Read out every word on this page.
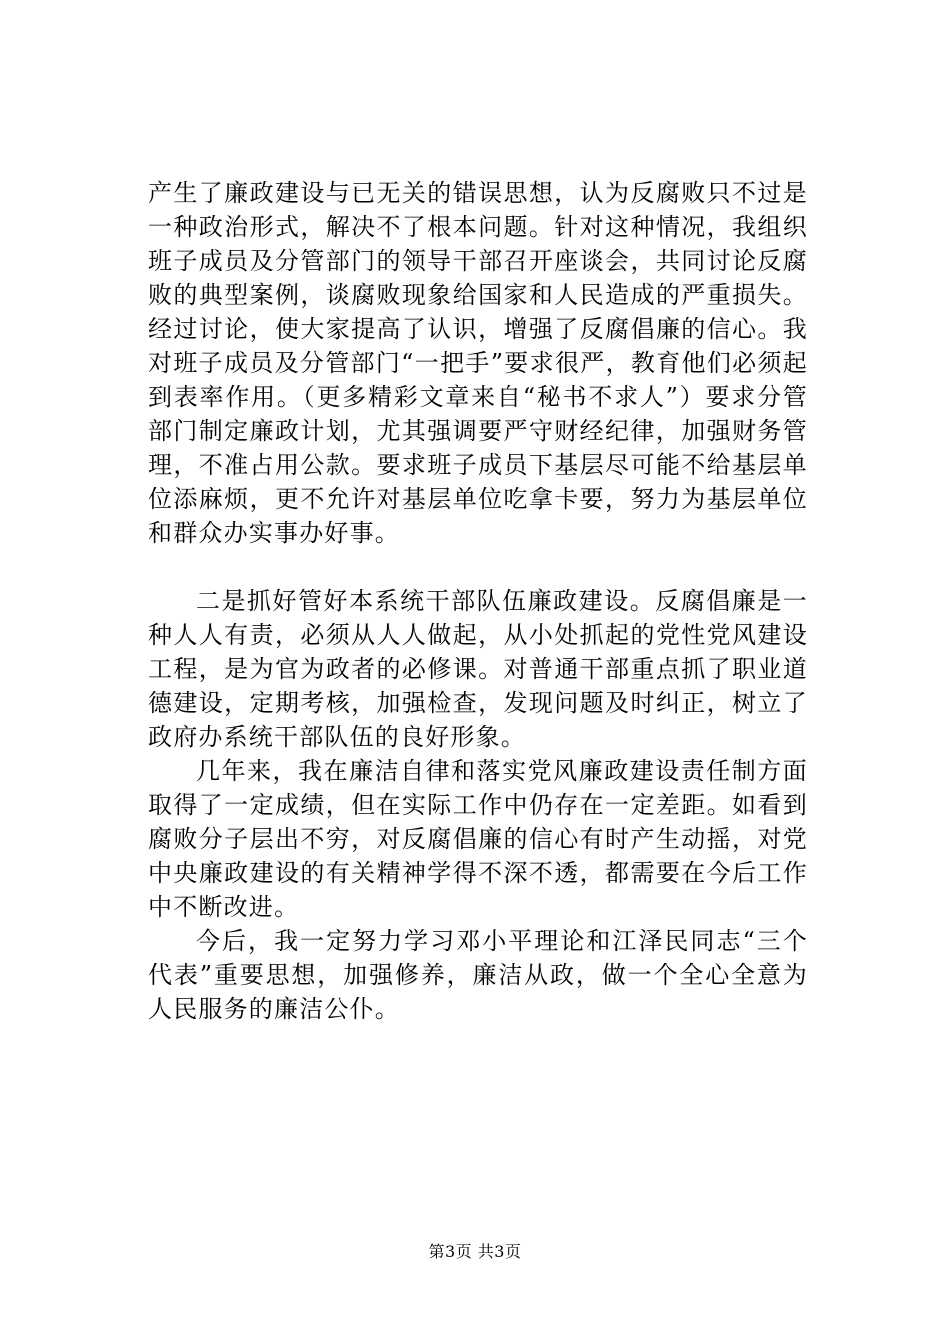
产生了廉政建设与已无关的错误思想，认为反腐败只不过是一种政治形式，解决不了根本问题。针对这种情况，我组织班子成员及分管部门的领导干部召开座谈会，共同讨论反腐败的典型案例，谈腐败现象给国家和人民造成的严重损失。经过讨论，使大家提高了认识，增强了反腐倡廉的信心。我对班子成员及分管部门“一把手”要求很严，教育他们必须起到表率作用。（更多精彩文章来自“秘书不求人”）要求分管部门制定廉政计划，尤其强调要严守财经纪律，加强财务管理，不准占用公款。要求班子成员下基层尽可能不给基层单位添麻烦，更不允许对基层单位吃拿卡要，努力为基层单位和群众办实事办好事。

二是抓好管好本系统干部队伍廉政建设。反腐倡廉是一种人人有责，必须从人人做起，从小处抓起的党性党风建设工程，是为官为政者的必修课。对普通干部重点抓了职业道德建设，定期考核，加强检查，发现问题及时纠正，树立了政府办系统干部队伍的良好形象。

几年来，我在廉洁自律和落实党风廉政建设责任制方面取得了一定成绩，但在实际工作中仍存在一定差距。如看到腐败分子层出不穷，对反腐倡廉的信心有时产生动摇，对党中央廉政建设的有关精神学得不深不透，都需要在今后工作中不断改进。

今后，我一定努力学习邓小平理论和江泽民同志“三个代表”重要思想，加强修养，廉洁从政，做一个全心全意为人民服务的廉洁公仆。

第3页 共3页
